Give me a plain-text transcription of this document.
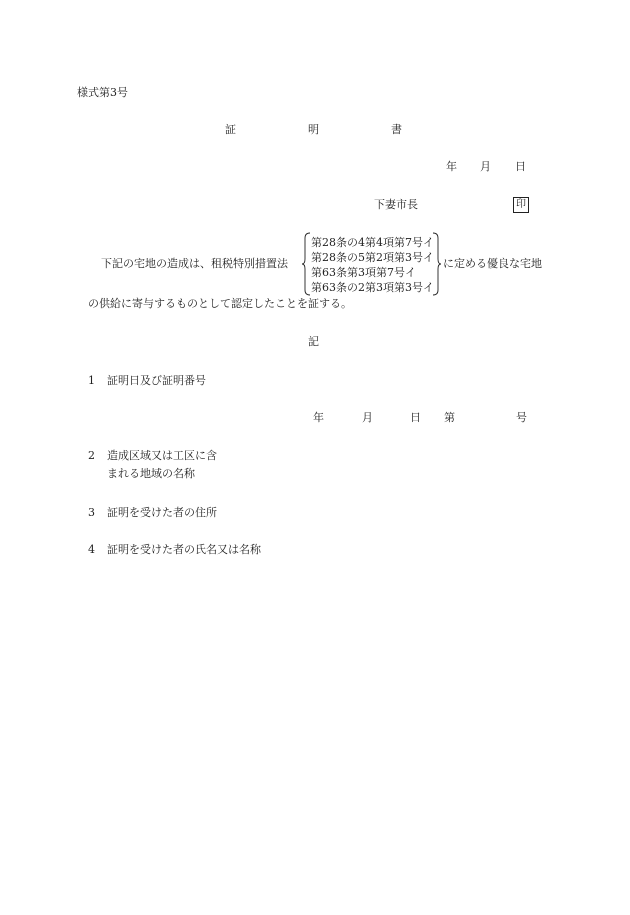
様式第3号
証	明	書
年 月 日
下妻市長	印
下記の宅地の造成は、租税特別措置法
第28条の4第4項第7号イ
第28条の5第2項第3号イ
第63条第3項第7号イ
第63条の2第3項第3号イ
に定める優良な宅地
の供給に寄与するものとして認定したことを証する。
記
1 証明日及び証明番号
年	月	日 第	号
2 造成区域又は工区に含
まれる地域の名称
3 証明を受けた者の住所
4 証明を受けた者の氏名又は名称
